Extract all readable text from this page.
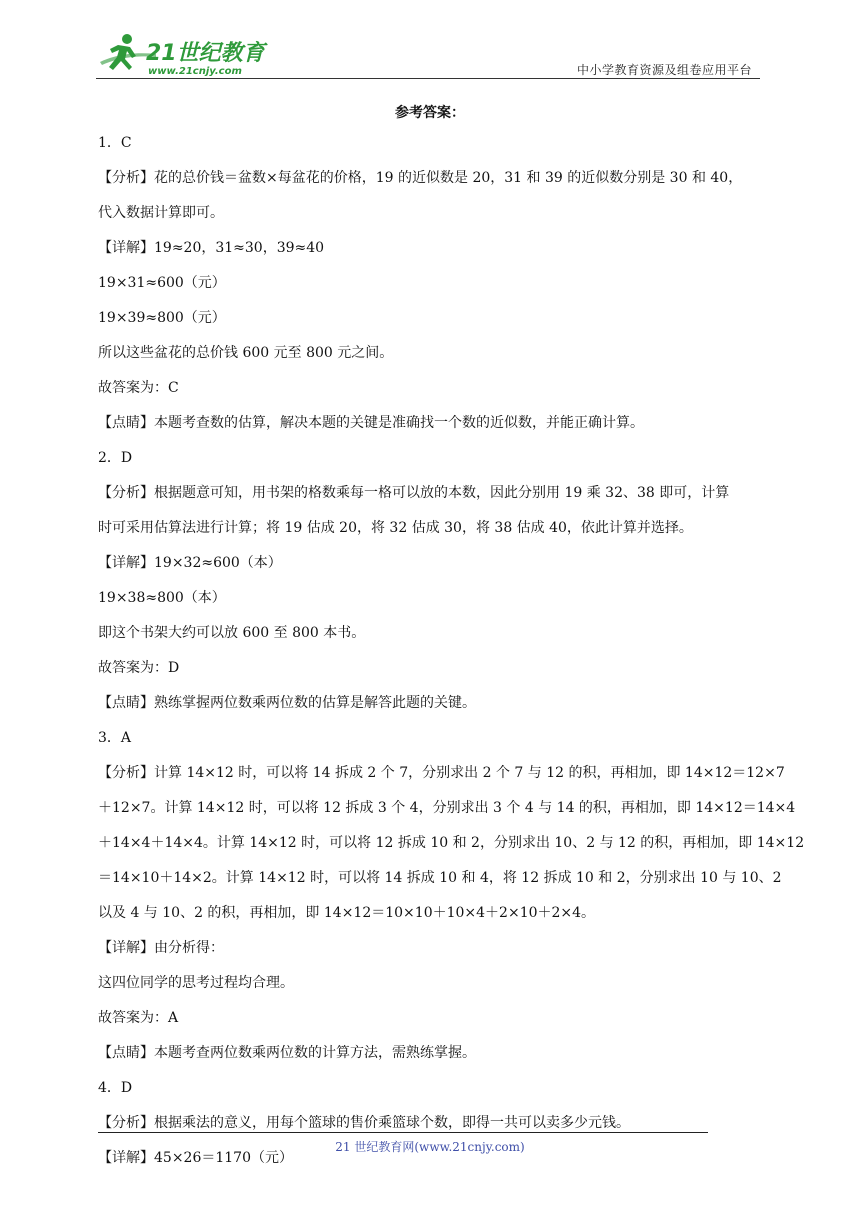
21世纪教育
www.21cnjy.com	中小学教育资源及组卷应用平台
参考答案：
1．C
【分析】花的总价钱＝盆数×每盆花的价格，19 的近似数是 20，31 和 39 的近似数分别是 30 和 40，
代入数据计算即可。
【详解】19≈20，31≈30，39≈40
19×31≈600（元）
19×39≈800（元）
所以这些盆花的总价钱 600 元至 800 元之间。
故答案为：C
【点睛】本题考查数的估算，解决本题的关键是准确找一个数的近似数，并能正确计算。
2．D
【分析】根据题意可知，用书架的格数乘每一格可以放的本数，因此分别用 19 乘 32、38 即可，计算
时可采用估算法进行计算；将 19 估成 20，将 32 估成 30，将 38 估成 40，依此计算并选择。
【详解】19×32≈600（本）
19×38≈800（本）
即这个书架大约可以放 600 至 800 本书。
故答案为：D
【点睛】熟练掌握两位数乘两位数的估算是解答此题的关键。
3．A
【分析】计算 14×12 时，可以将 14 拆成 2 个 7，分别求出 2 个 7 与 12 的积，再相加，即 14×12＝12×7
＋12×7。计算 14×12 时，可以将 12 拆成 3 个 4，分别求出 3 个 4 与 14 的积，再相加，即 14×12＝14×4
＋14×4＋14×4。计算 14×12 时，可以将 12 拆成 10 和 2，分别求出 10、2 与 12 的积，再相加，即 14×12
＝14×10＋14×2。计算 14×12 时，可以将 14 拆成 10 和 4，将 12 拆成 10 和 2，分别求出 10 与 10、2
以及 4 与 10、2 的积，再相加，即 14×12＝10×10＋10×4＋2×10＋2×4。
【详解】由分析得：
这四位同学的思考过程均合理。
故答案为：A
【点睛】本题考查两位数乘两位数的计算方法，需熟练掌握。
4．D
【分析】根据乘法的意义，用每个篮球的售价乘篮球个数，即得一共可以卖多少元钱。
【详解】45×26＝1170（元）
21 世纪教育网(www.21cnjy.com)
